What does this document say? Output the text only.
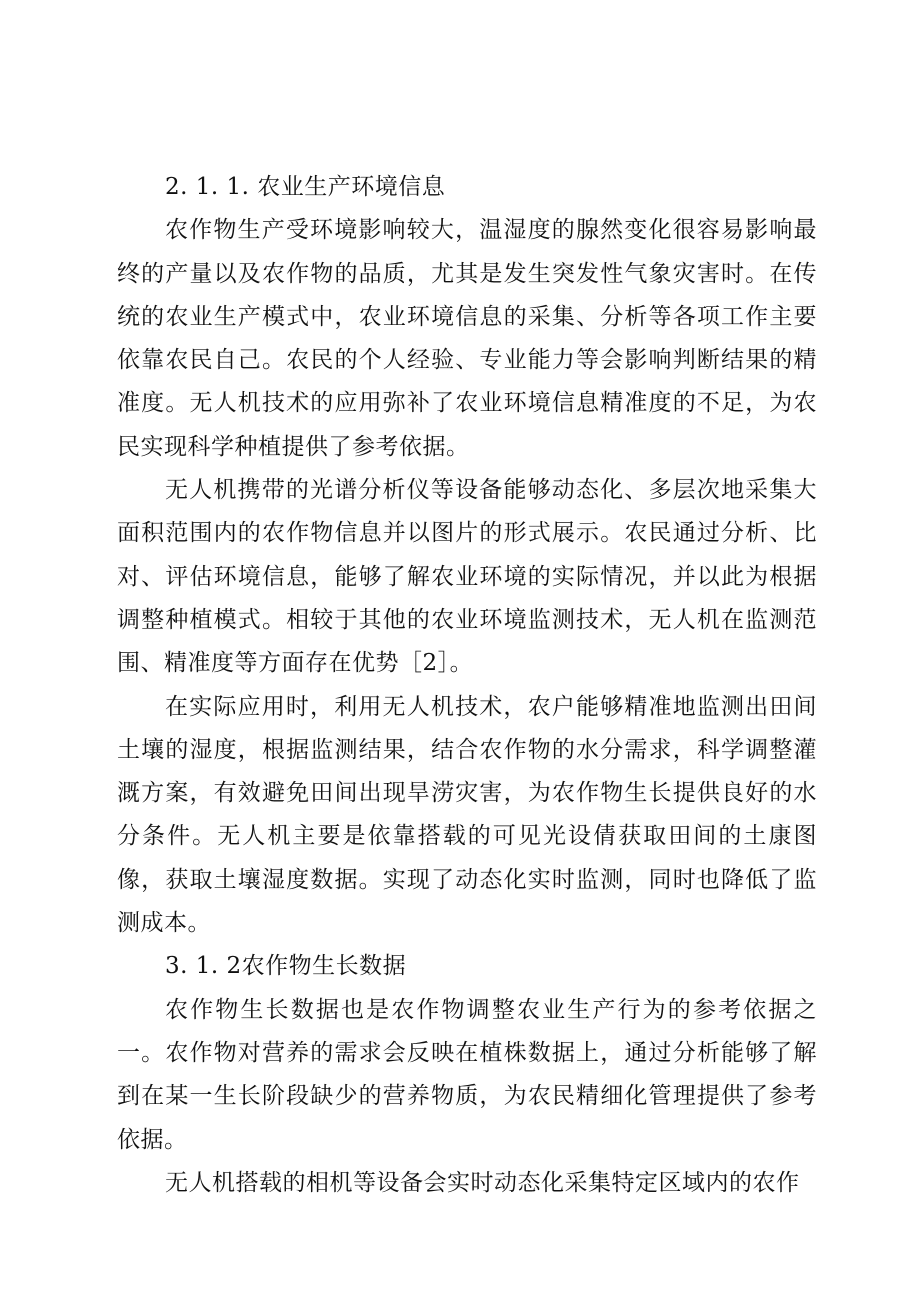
2. 1. 1. 农业生产环境信息

农作物生产受环境影响较大，温湿度的腺然变化很容易影响最终的产量以及农作物的品质，尤其是发生突发性气象灾害时。在传统的农业生产模式中，农业环境信息的采集、分析等各项工作主要依靠农民自己。农民的个人经验、专业能力等会影响判断结果的精准度。无人机技术的应用弥补了农业环境信息精准度的不足，为农民实现科学种植提供了参考依据。

无人机携带的光谱分析仪等设备能够动态化、多层次地采集大面积范围内的农作物信息并以图片的形式展示。农民通过分析、比对、评估环境信息，能够了解农业环境的实际情况，并以此为根据调整种植模式。相较于其他的农业环境监测技术，无人机在监测范围、精准度等方面存在优势［2］。

在实际应用时，利用无人机技术，农户能够精准地监测出田间土壤的湿度，根据监测结果，结合农作物的水分需求，科学调整灌溉方案，有效避免田间出现旱涝灾害，为农作物生长提供良好的水分条件。无人机主要是依靠搭载的可见光设倩获取田间的土康图像，获取土壤湿度数据。实现了动态化实时监测，同时也降低了监测成本。

3. 1. 2农作物生长数据

农作物生长数据也是农作物调整农业生产行为的参考依据之一。农作物对营养的需求会反映在植株数据上，通过分析能够了解到在某一生长阶段缺少的营养物质，为农民精细化管理提供了参考依据。

无人机搭载的相机等设备会实时动态化采集特定区域内的农作
